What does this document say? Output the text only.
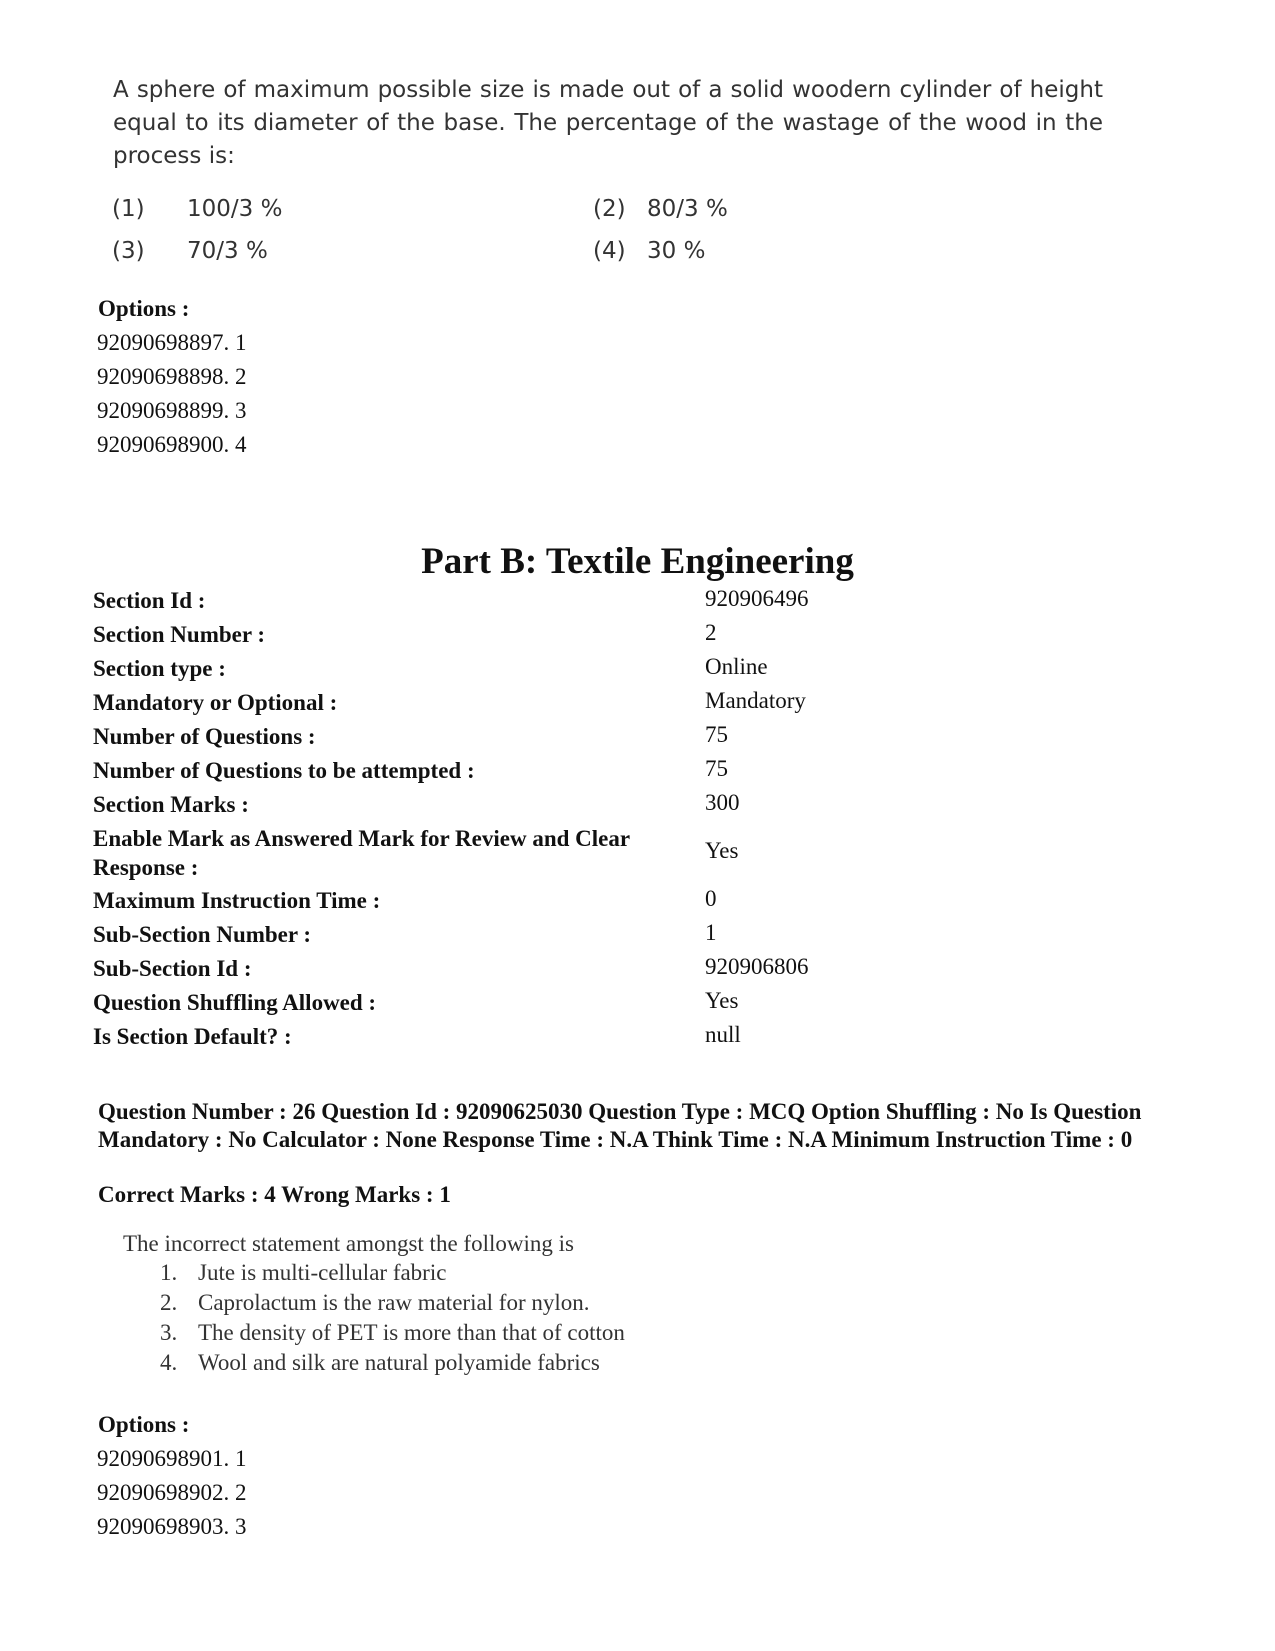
A sphere of maximum possible size is made out of a solid woodern cylinder of height equal to its diameter of the base. The percentage of the wastage of the wood in the process is:
(1) 100/3 %	(2) 80/3 %
(3) 70/3 %	(4) 30 %
Options :
92090698897. 1
92090698898. 2
92090698899. 3
92090698900. 4
Part B: Textile Engineering
Section Id :	920906496
Section Number :	2
Section type :	Online
Mandatory or Optional :	Mandatory
Number of Questions :	75
Number of Questions to be attempted :	75
Section Marks :	300
Enable Mark as Answered Mark for Review and Clear Response :
Yes
Maximum Instruction Time :	0
Sub-Section Number :	1
Sub-Section Id :	920906806
Question Shuffling Allowed :	Yes
Is Section Default? :	null
Question Number : 26 Question Id : 92090625030 Question Type : MCQ Option Shuffling : No Is Question Mandatory : No Calculator : None Response Time : N.A Think Time : N.A Minimum Instruction Time : 0
Correct Marks : 4 Wrong Marks : 1
The incorrect statement amongst the following is
1. Jute is multi-cellular fabric
2. Caprolactum is the raw material for nylon.
3. The density of PET is more than that of cotton
4. Wool and silk are natural polyamide fabrics
Options :
92090698901. 1
92090698902. 2
92090698903. 3
